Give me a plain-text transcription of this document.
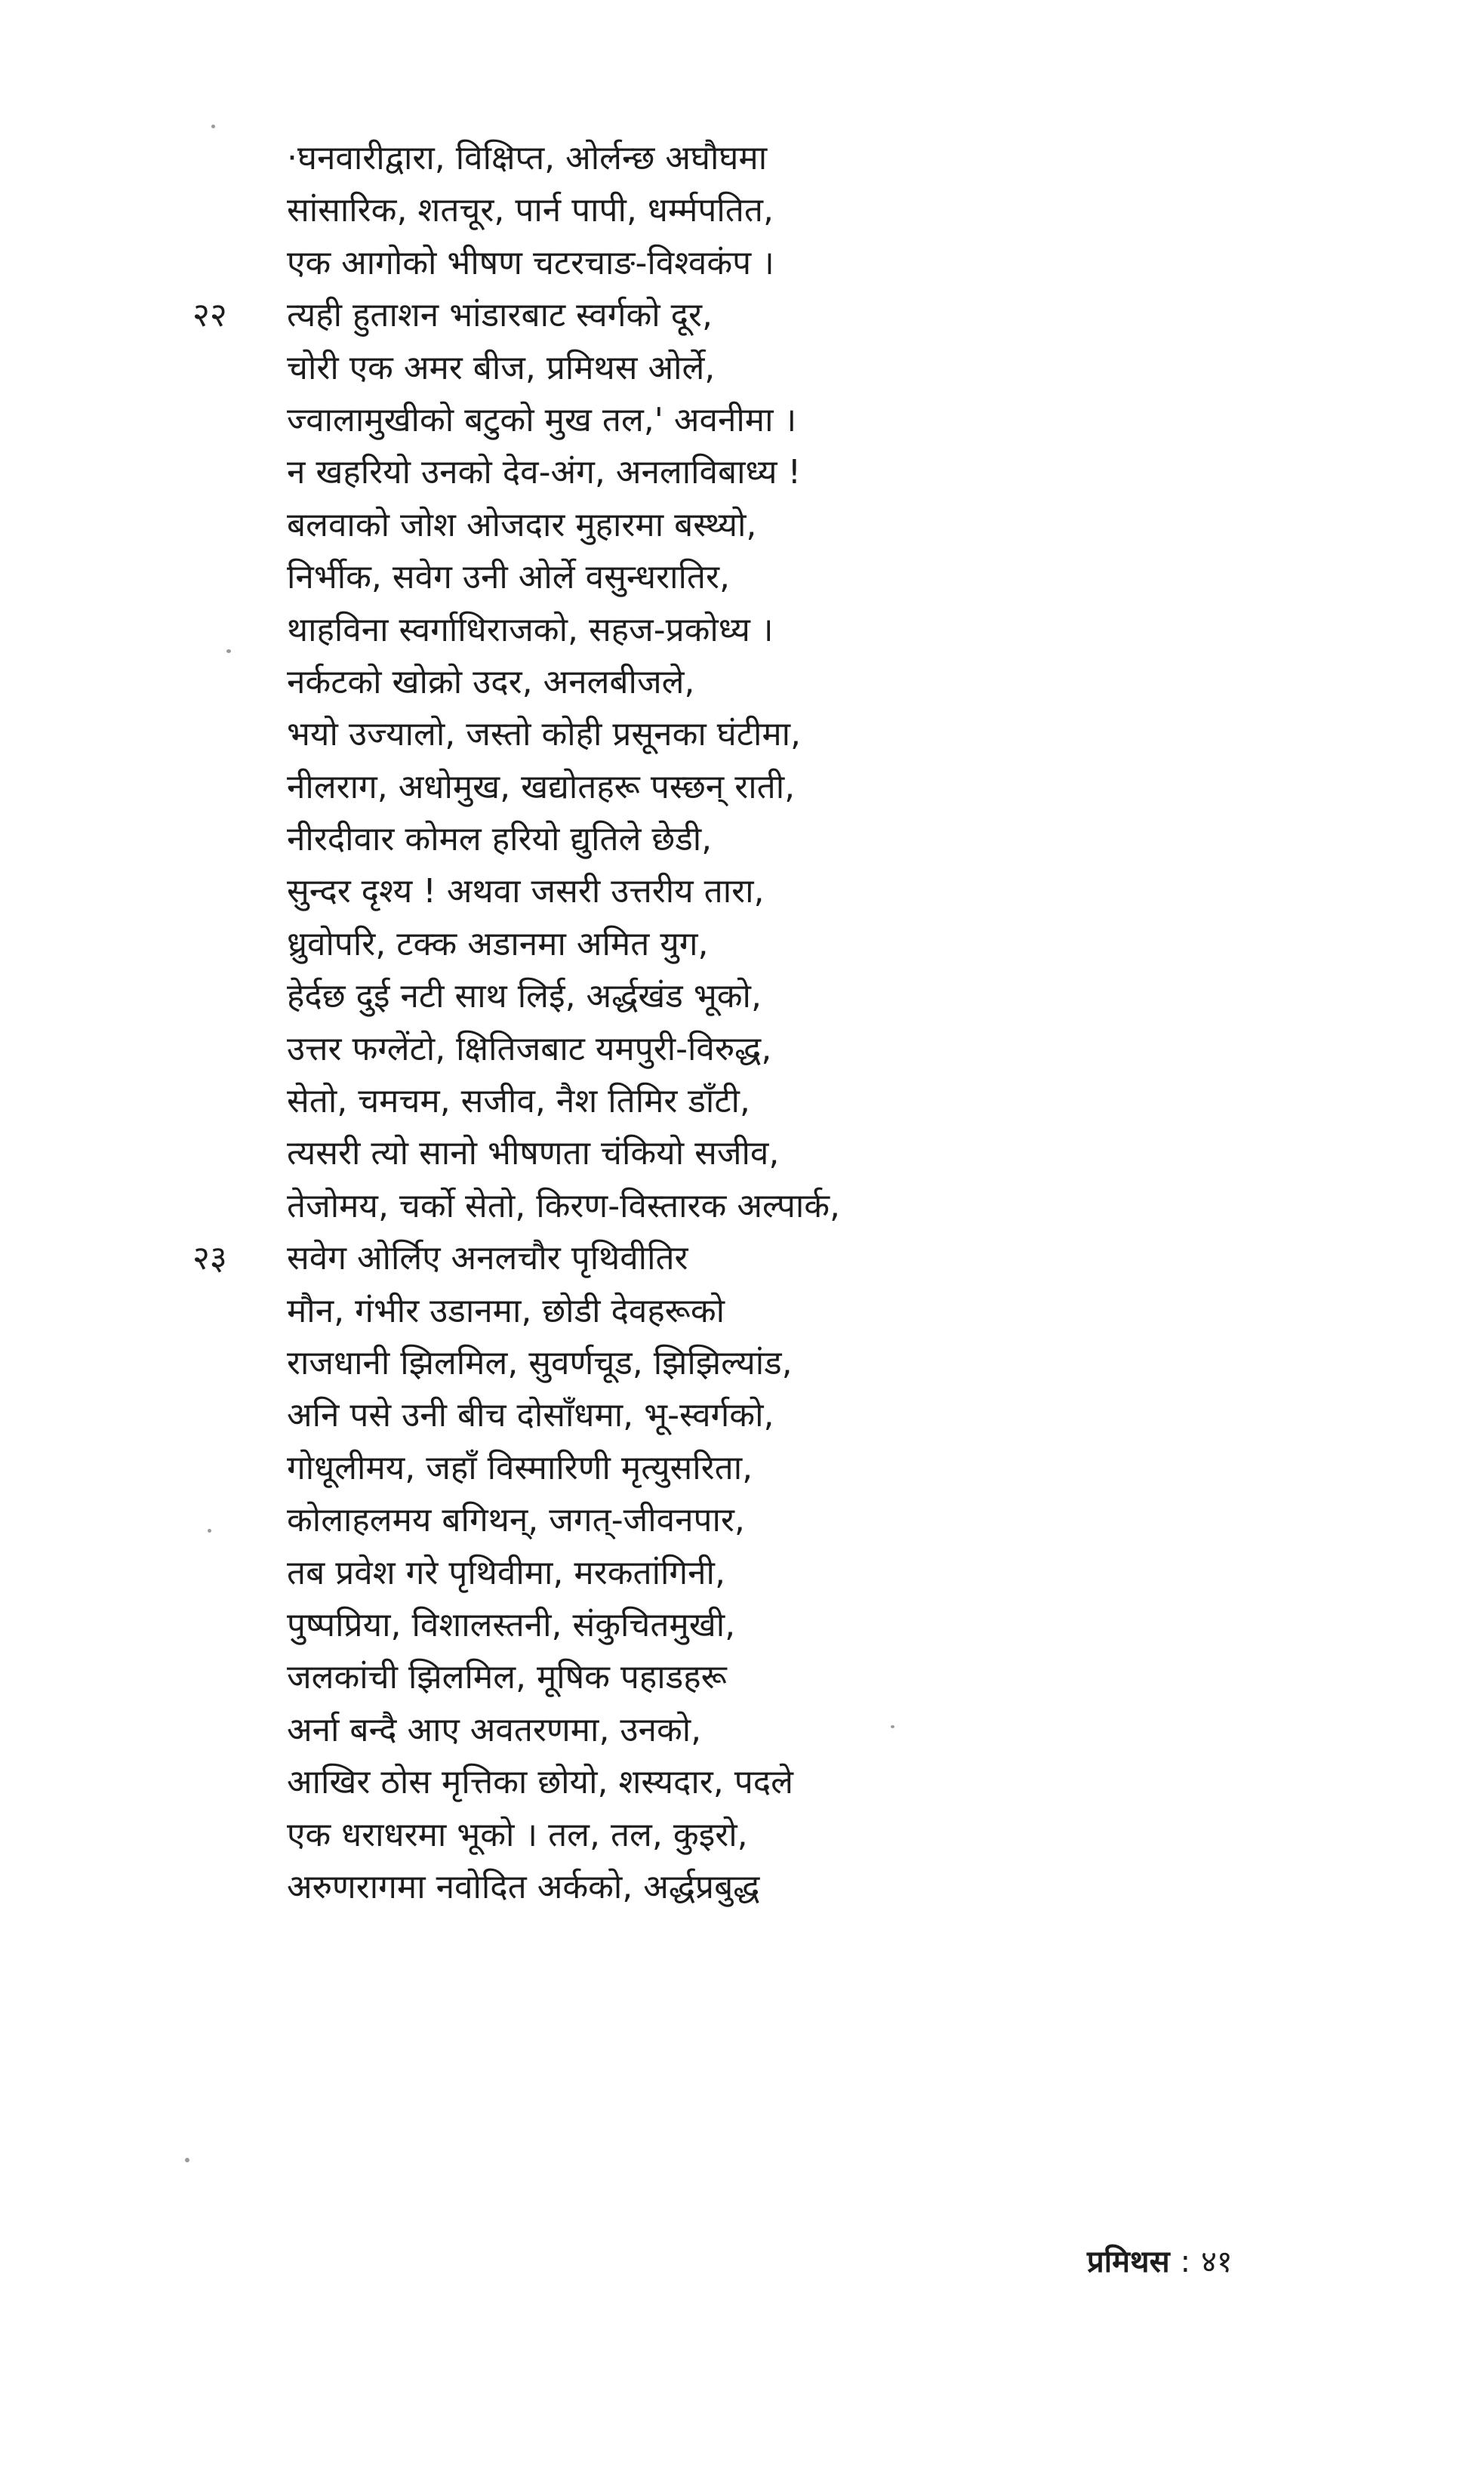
·घनवारीद्वारा, विक्षिप्त, ओर्लन्छ अघौघमा
सांसारिक, शतचूर, पार्न पापी, धर्म्मपतित,
एक आगोको भीषण चटरचाङ-विश्वकंप ।
२२	त्यही हुताशन भांडारबाट स्वर्गको दूर,
चोरी एक अमर बीज, प्रमिथस ओर्ले,
ज्वालामुखीको बटुको मुख तल,' अवनीमा ।
न खहरियो उनको देव-अंग, अनलाविबाध्य !
बलवाको जोश ओजदार मुहारमा बस्थ्यो,
निर्भीक, सवेग उनी ओर्ले वसुन्धरातिर,
थाहविना स्वर्गाधिराजको, सहज-प्रकोध्य ।
नर्कटको खोक्रो उदर, अनलबीजले,
भयो उज्यालो, जस्तो कोही प्रसूनका घंटीमा,
नीलराग, अधोमुख, खद्योतहरू पस्छन् राती,
नीरदीवार कोमल हरियो द्युतिले छेडी,
सुन्दर दृश्य ! अथवा जसरी उत्तरीय तारा,
ध्रुवोपरि, टक्क अडानमा अमित युग,
हेर्दछ दुई नटी साथ लिई, अर्द्धखंड भूको,
उत्तर फग्लेंटो, क्षितिजबाट यमपुरी-विरुद्ध,
सेतो, चमचम, सजीव, नैश तिमिर डाँटी,
त्यसरी त्यो सानो भीषणता चंकियो सजीव,
तेजोमय, चर्को सेतो, किरण-विस्तारक अल्पार्क,
२३	सवेग ओर्लिए अनलचौर पृथिवीतिर
मौन, गंभीर उडानमा, छोडी देवहरूको
राजधानी झिलमिल, सुवर्णचूड, झिझिल्यांड,
अनि पसे उनी बीच दोसाँधमा, भू-स्वर्गको,
गोधूलीमय, जहाँ विस्मारिणी मृत्युसरिता,
कोलाहलमय बगिथन्, जगत्-जीवनपार,
तब प्रवेश गरे पृथिवीमा, मरकतांगिनी,
पुष्पप्रिया, विशालस्तनी, संकुचितमुखी,
जलकांची झिलमिल, मूषिक पहाडहरू
अर्ना बन्दै आए अवतरणमा, उनको,
आखिर ठोस मृत्तिका छोयो, शस्यदार, पदले
एक धराधरमा भूको । तल, तल, कुइरो,
अरुणरागमा नवोदित अर्कको, अर्द्धप्रबुद्ध
प्रमिथस : ४१
